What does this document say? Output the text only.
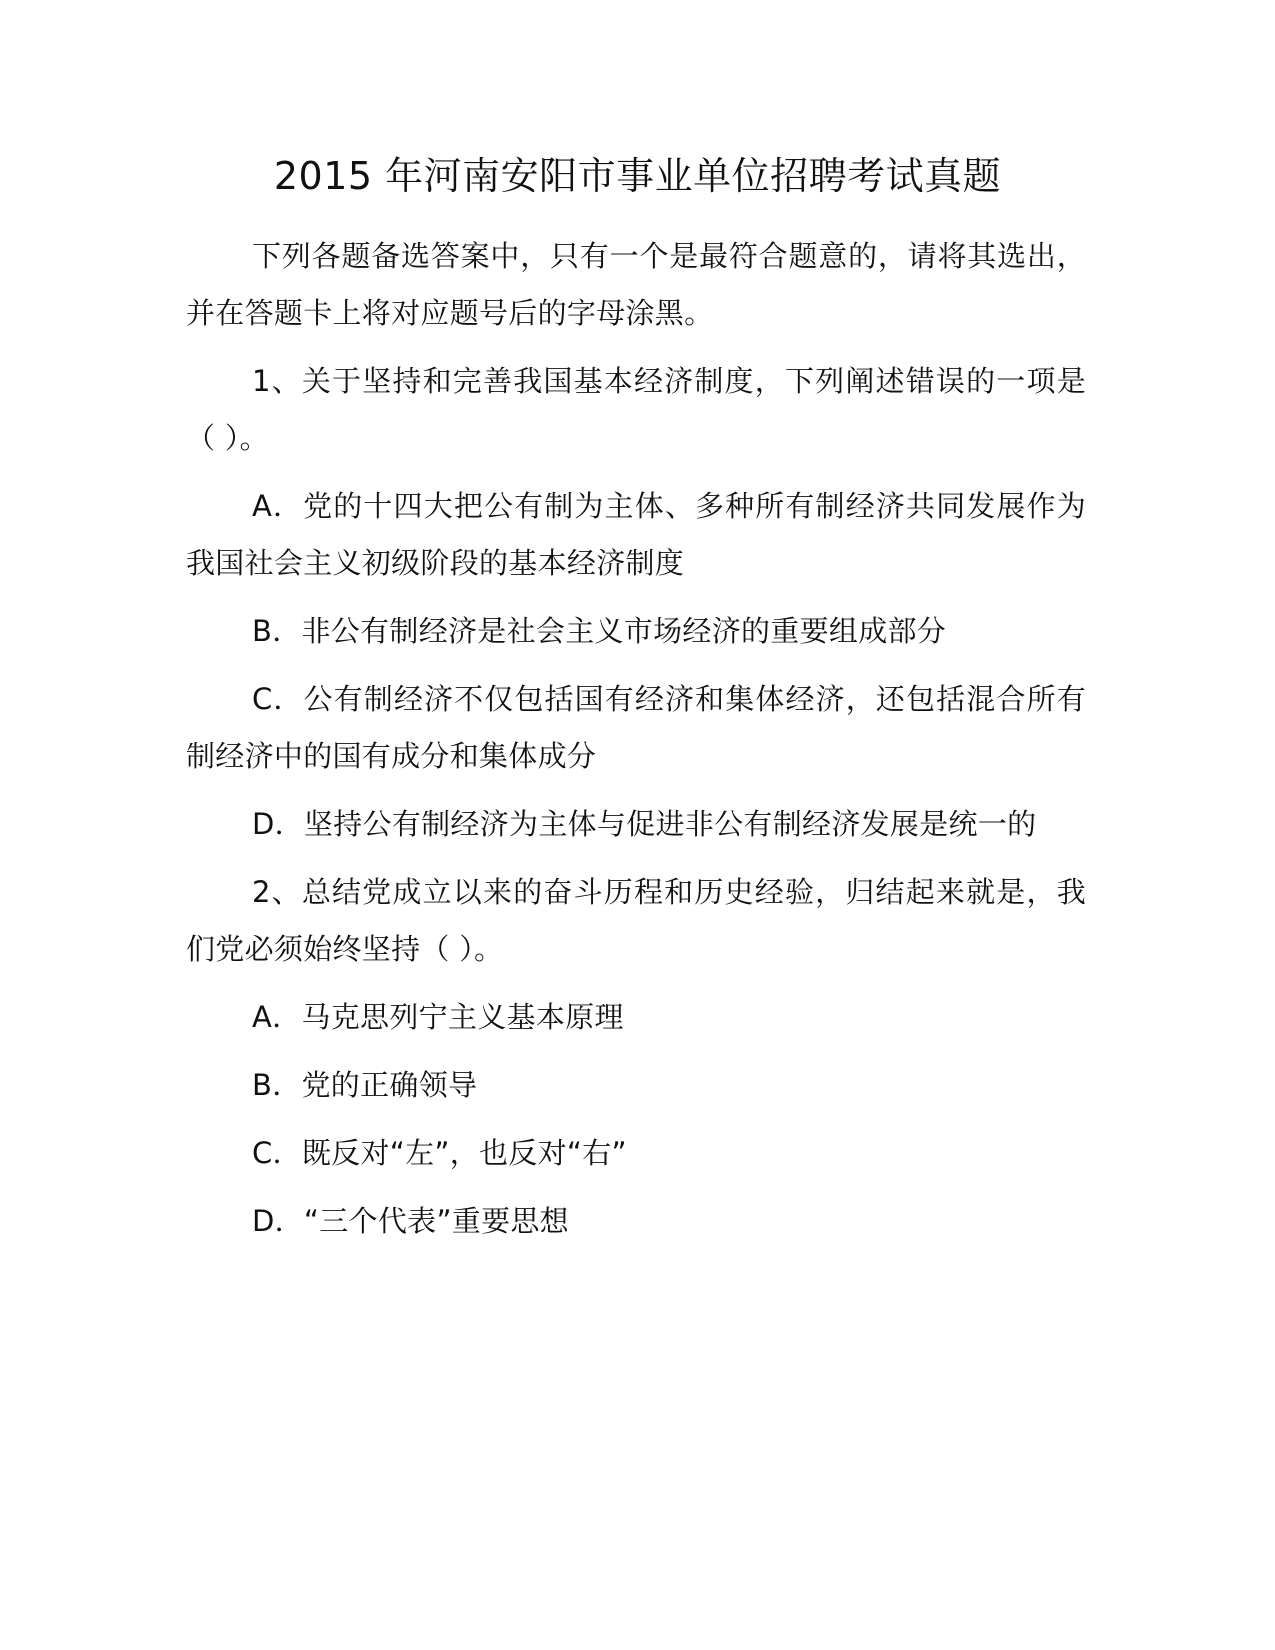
2015 年河南安阳市事业单位招聘考试真题

下列各题备选答案中，只有一个是最符合题意的，请将其选出，并在答题卡上将对应题号后的字母涂黑。

1、关于坚持和完善我国基本经济制度，下列阐述错误的一项是（ ）。

A．党的十四大把公有制为主体、多种所有制经济共同发展作为我国社会主义初级阶段的基本经济制度

B．非公有制经济是社会主义市场经济的重要组成部分

C．公有制经济不仅包括国有经济和集体经济，还包括混合所有制经济中的国有成分和集体成分

D．坚持公有制经济为主体与促进非公有制经济发展是统一的

2、总结党成立以来的奋斗历程和历史经验，归结起来就是，我们党必须始终坚持（ ）。

A．马克思列宁主义基本原理

B．党的正确领导

C．既反对“左”，也反对“右”

D．“三个代表”重要思想
